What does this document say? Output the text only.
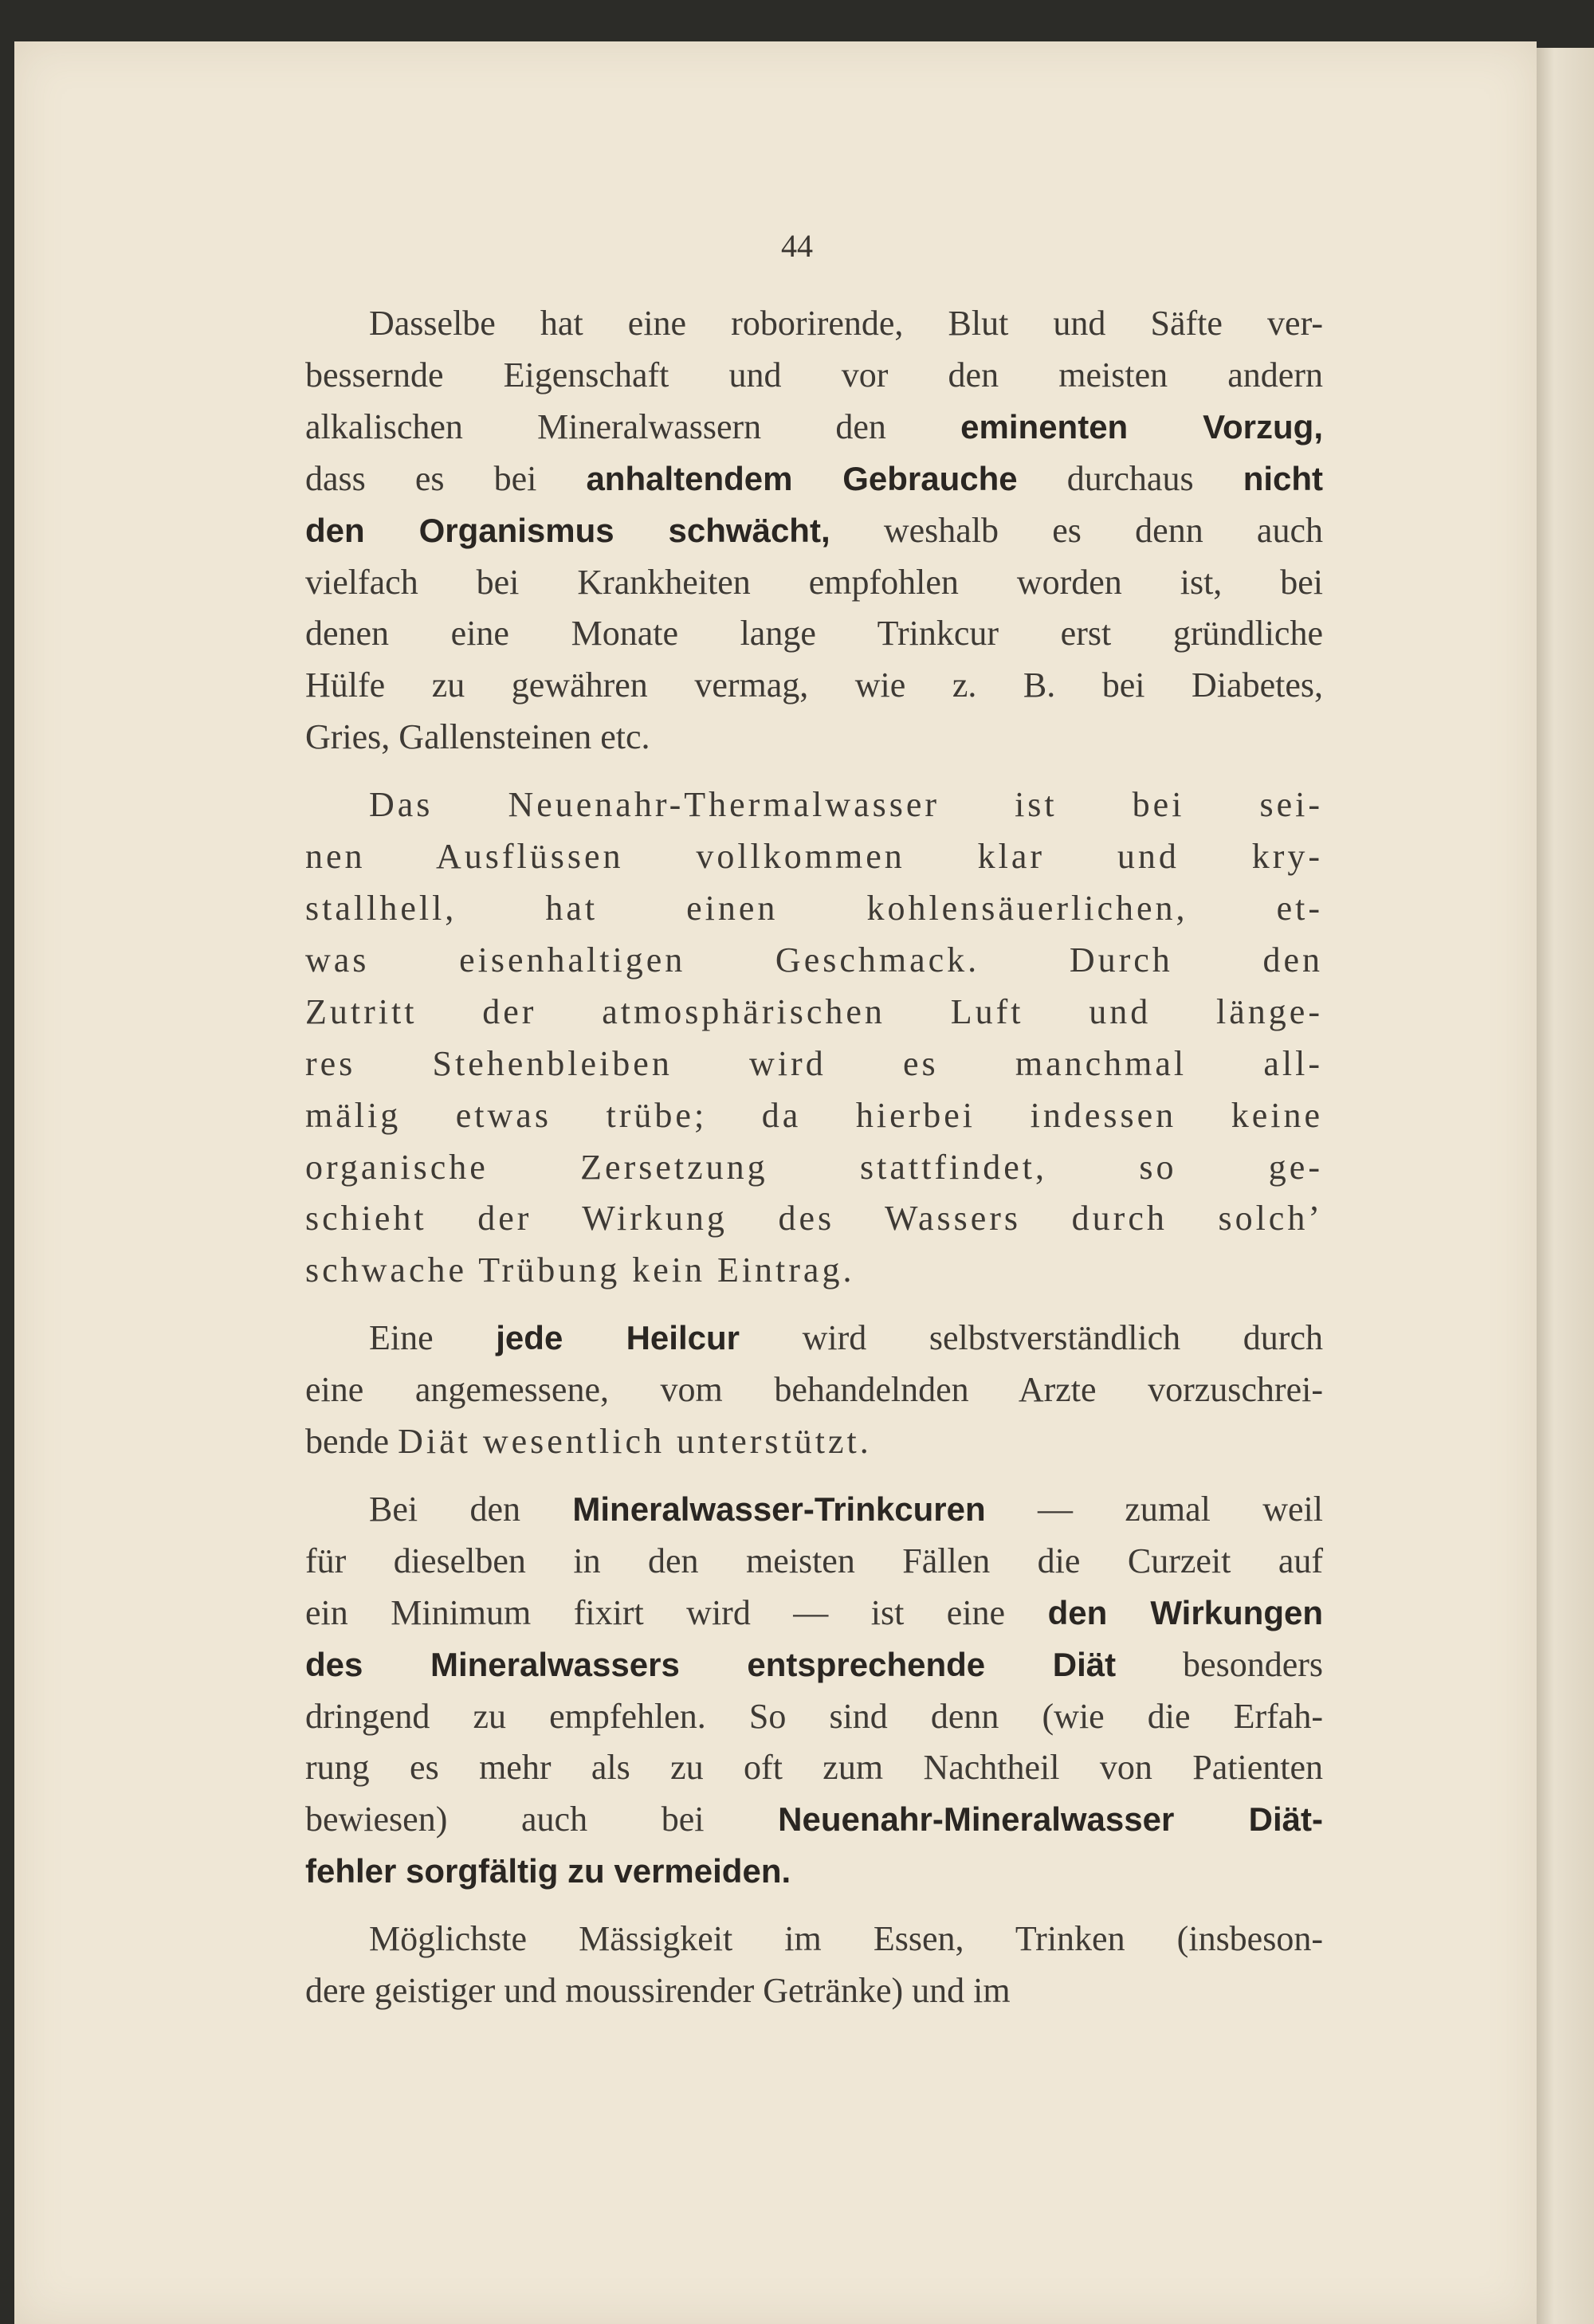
44
Dasselbe hat eine roborirende, Blut und Säfte ver-
bessernde Eigenschaft und vor den meisten andern
alkalischen Mineralwassern den eminenten Vorzug,
dass es bei anhaltendem Gebrauche durchaus nicht
den Organismus schwächt, weshalb es denn auch
vielfach bei Krankheiten empfohlen worden ist, bei
denen eine Monate lange Trinkcur erst gründliche
Hülfe zu gewähren vermag, wie z. B. bei Diabetes,
Gries, Gallensteinen etc.
Das Neuenahr-Thermalwasser ist bei sei-
nen Ausflüssen vollkommen klar und kry-
stallhell, hat einen kohlensäuerlichen, et-
was eisenhaltigen Geschmack. Durch den
Zutritt der atmosphärischen Luft und länge-
res Stehenbleiben wird es manchmal all-
mälig etwas trübe; da hierbei indessen keine
organische Zersetzung stattfindet, so ge-
schieht der Wirkung des Wassers durch solch’
schwache Trübung kein Eintrag.
Eine jede Heilcur wird selbstverständlich durch
eine angemessene, vom behandelnden Arzte vorzuschrei-
bende Diät wesentlich unterstützt.
Bei den Mineralwasser-Trinkcuren — zumal weil
für dieselben in den meisten Fällen die Curzeit auf
ein Minimum fixirt wird — ist eine den Wirkungen
des Mineralwassers entsprechende Diät besonders
dringend zu empfehlen. So sind denn (wie die Erfah-
rung es mehr als zu oft zum Nachtheil von Patienten
bewiesen) auch bei Neuenahr-Mineralwasser Diät-
fehler sorgfältig zu vermeiden.
Möglichste Mässigkeit im Essen, Trinken (insbeson-
dere geistiger und moussirender Getränke) und im
